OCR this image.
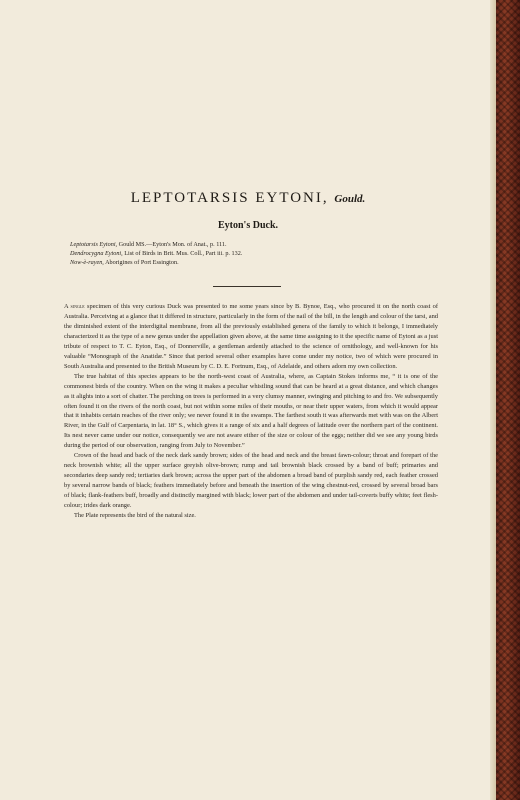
LEPTOTARSIS EYTONI, Gould.
Eyton's Duck.
Leptotarsis Eytoni, Gould MS.—Eyton's Mon. of Anat., p. 111.
Dendrocygna Eytoni, List of Birds in Brit. Mus. Coll., Part iii. p. 132.
Now-è-rayen, Aborigines of Port Essington.

A single specimen of this very curious Duck was presented to me some years since by B. Bynoe, Esq., who procured it on the north coast of Australia. Perceiving at a glance that it differed in structure, particularly in the form of the nail of the bill, in the length and colour of the tarsi, and the diminished extent of the interdigital membrane, from all the previously established genera of the family to which it belongs, I immediately characterized it as the type of a new genus under the appellation given above, at the same time assigning to it the specific name of Eytoni as a just tribute of respect to T. C. Eyton, Esq., of Donnerville, a gentleman ardently attached to the science of ornithology, and well-known for his valuable “Monograph of the Anatidæ.” Since that period several other examples have come under my notice, two of which were procured in South Australia and presented to the British Museum by C. D. E. Fortnum, Esq., of Adelaide, and others adorn my own collection.

The true habitat of this species appears to be the north-west coast of Australia, where, as Captain Stokes informs me, “ it is one of the commonest birds of the country. When on the wing it makes a peculiar whistling sound that can be heard at a great distance, and which changes as it alights into a sort of chatter. The perching on trees is performed in a very clumsy manner, swinging and pitching to and fro. We subsequently often found it on the rivers of the north coast, but not within some miles of their mouths, or near their upper waters, from which it would appear that it inhabits certain reaches of the river only; we never found it in the swamps. The farthest south it was afterwards met with was on the Albert River, in the Gulf of Carpentaria, in lat. 18° S., which gives it a range of six and a half degrees of latitude over the northern part of the continent. Its nest never came under our notice, consequently we are not aware either of the size or colour of the eggs; neither did we see any young birds during the period of our observation, ranging from July to November.”

Crown of the head and back of the neck dark sandy brown; sides of the head and neck and the breast fawn-colour; throat and forepart of the neck brownish white; all the upper surface greyish olive-brown; rump and tail brownish black crossed by a band of buff; primaries and secondaries deep sandy red; tertiaries dark brown; across the upper part of the abdomen a broad band of purplish sandy red, each feather crossed by several narrow bands of black; feathers immediately before and beneath the insertion of the wing chestnut-red, crossed by several broad bars of black; flank-feathers buff, broadly and distinctly margined with black; lower part of the abdomen and under tail-coverts buffy white; feet flesh-colour; irides dark orange.

The Plate represents the bird of the natural size.
